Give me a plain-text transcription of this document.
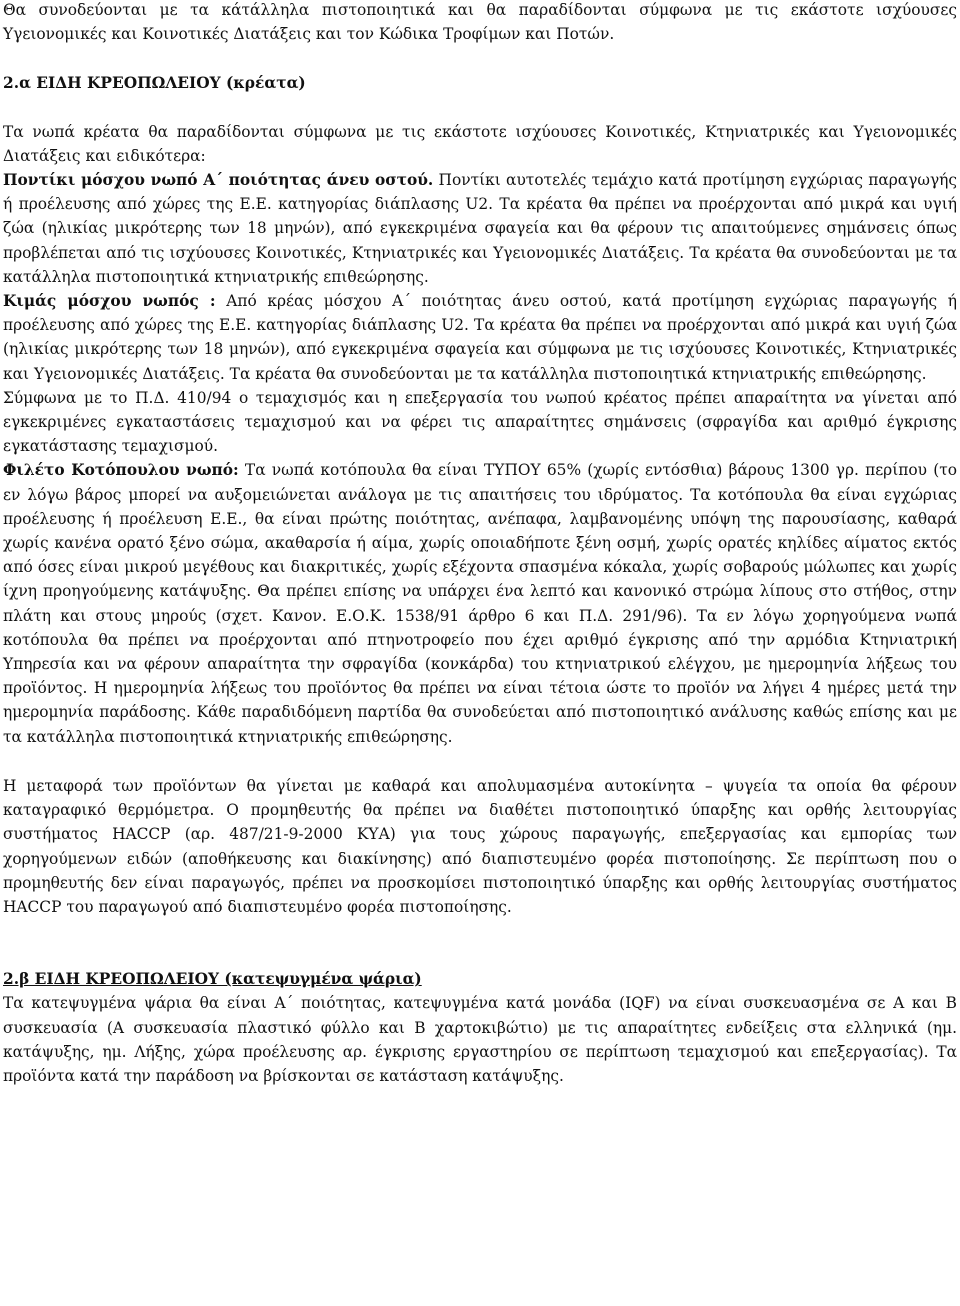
Θα συνοδεύονται με τα κάτάλληλα πιστοποιητικά και θα παραδίδονται σύμφωνα με τις εκάστοτε ισχύουσες Υγειονομικές και Κοινοτικές Διατάξεις και τον Κώδικα Τροφίμων και Ποτών.

2.α ΕΙΔΗ ΚΡΕΟΠΩΛΕΙΟΥ (κρέατα)

Τα νωπά κρέατα θα παραδίδονται σύμφωνα με τις εκάστοτε ισχύουσες Κοινοτικές, Κτηνιατρικές και Υγειονομικές Διατάξεις και ειδικότερα:

Ποντίκι μόσχου νωπό Α΄ ποιότητας άνευ οστού. Ποντίκι αυτοτελές τεμάχιο κατά προτίμηση εγχώριας παραγωγής ή προέλευσης από χώρες της Ε.Ε. κατηγορίας διάπλασης U2. Τα κρέατα θα πρέπει να προέρχονται από μικρά και υγιή ζώα (ηλικίας μικρότερης των 18 μηνών), από εγκεκριμένα σφαγεία και θα φέρουν τις απαιτούμενες σημάνσεις όπως προβλέπεται από τις ισχύουσες Κοινοτικές, Κτηνιατρικές και Υγειονομικές Διατάξεις. Τα κρέατα θα συνοδεύονται με τα κατάλληλα πιστοποιητικά κτηνιατρικής επιθεώρησης.

Κιμάς μόσχου νωπός : Από κρέας μόσχου Α΄ ποιότητας άνευ οστού, κατά προτίμηση εγχώριας παραγωγής ή προέλευσης από χώρες της Ε.Ε. κατηγορίας διάπλασης U2. Τα κρέατα θα πρέπει να προέρχονται από μικρά και υγιή ζώα (ηλικίας μικρότερης των 18 μηνών), από εγκεκριμένα σφαγεία και σύμφωνα με τις ισχύουσες Κοινοτικές, Κτηνιατρικές και Υγειονομικές Διατάξεις. Τα κρέατα θα συνοδεύονται με τα κατάλληλα πιστοποιητικά κτηνιατρικής επιθεώρησης.

Σύμφωνα με το Π.Δ. 410/94 ο τεμαχισμός και η επεξεργασία του νωπού κρέατος πρέπει απαραίτητα να γίνεται από εγκεκριμένες εγκαταστάσεις τεμαχισμού και να φέρει τις απαραίτητες σημάνσεις (σφραγίδα και αριθμό έγκρισης εγκατάστασης τεμαχισμού.

Φιλέτο Κοτόπουλου νωπό: Τα νωπά κοτόπουλα θα είναι ΤΥΠΟΥ 65% (χωρίς εντόσθια) βάρους 1300 γρ. περίπου (το εν λόγω βάρος μπορεί να αυξομειώνεται ανάλογα με τις απαιτήσεις του ιδρύματος. Τα κοτόπουλα θα είναι εγχώριας προέλευσης ή προέλευση Ε.Ε., θα είναι πρώτης ποιότητας, ανέπαφα, λαμβανομένης υπόψη της παρουσίασης, καθαρά χωρίς κανένα ορατό ξένο σώμα, ακαθαρσία ή αίμα, χωρίς οποιαδήποτε ξένη οσμή, χωρίς ορατές κηλίδες αίματος εκτός από όσες είναι μικρού μεγέθους και διακριτικές, χωρίς εξέχοντα σπασμένα κόκαλα, χωρίς σοβαρούς μώλωπες και χωρίς ίχνη προηγούμενης κατάψυξης. Θα πρέπει επίσης να υπάρχει ένα λεπτό και κανονικό στρώμα λίπους στο στήθος, στην πλάτη και στους μηρούς (σχετ. Κανον. Ε.Ο.Κ. 1538/91 άρθρο 6 και Π.Δ. 291/96). Τα εν λόγω χορηγούμενα νωπά κοτόπουλα θα πρέπει να προέρχονται από πτηνοτροφείο που έχει αριθμό έγκρισης από την αρμόδια Κτηνιατρική Υπηρεσία και να φέρουν απαραίτητα την σφραγίδα (κονκάρδα) του κτηνιατρικού ελέγχου, με ημερομηνία λήξεως του προϊόντος. Η ημερομηνία λήξεως του προϊόντος θα πρέπει να είναι τέτοια ώστε το προϊόν να λήγει 4 ημέρες μετά την ημερομηνία παράδοσης. Κάθε παραδιδόμενη παρτίδα θα συνοδεύεται από πιστοποιητικό ανάλυσης καθώς επίσης και με τα κατάλληλα πιστοποιητικά κτηνιατρικής επιθεώρησης.

Η μεταφορά των προϊόντων θα γίνεται με καθαρά και απολυμασμένα αυτοκίνητα – ψυγεία τα οποία θα φέρουν καταγραφικό θερμόμετρα. Ο προμηθευτής θα πρέπει να διαθέτει πιστοποιητικό ύπαρξης και ορθής λειτουργίας συστήματος HACCP (αρ. 487/21-9-2000 ΚΥΑ) για τους χώρους παραγωγής, επεξεργασίας και εμπορίας των χορηγούμενων ειδών (αποθήκευσης και διακίνησης) από διαπιστευμένο φορέα πιστοποίησης. Σε περίπτωση που ο προμηθευτής δεν είναι παραγωγός, πρέπει να προσκομίσει πιστοποιητικό ύπαρξης και ορθής λειτουργίας συστήματος HACCP του παραγωγού από διαπιστευμένο φορέα πιστοποίησης.

2.β ΕΙΔΗ ΚΡΕΟΠΩΛΕΙΟΥ (κατεψυγμένα ψάρια)

Τα κατεψυγμένα ψάρια θα είναι Α΄ ποιότητας, κατεψυγμένα κατά μονάδα (IQF) να είναι συσκευασμένα σε Α και Β συσκευασία (Α συσκευασία πλαστικό φύλλο και Β χαρτοκιβώτιο) με τις απαραίτητες ενδείξεις στα ελληνικά (ημ. κατάψυξης, ημ. Λήξης, χώρα προέλευσης αρ. έγκρισης εργαστηρίου σε περίπτωση τεμαχισμού και επεξεργασίας). Τα προϊόντα κατά την παράδοση να βρίσκονται σε κατάσταση κατάψυξης.
